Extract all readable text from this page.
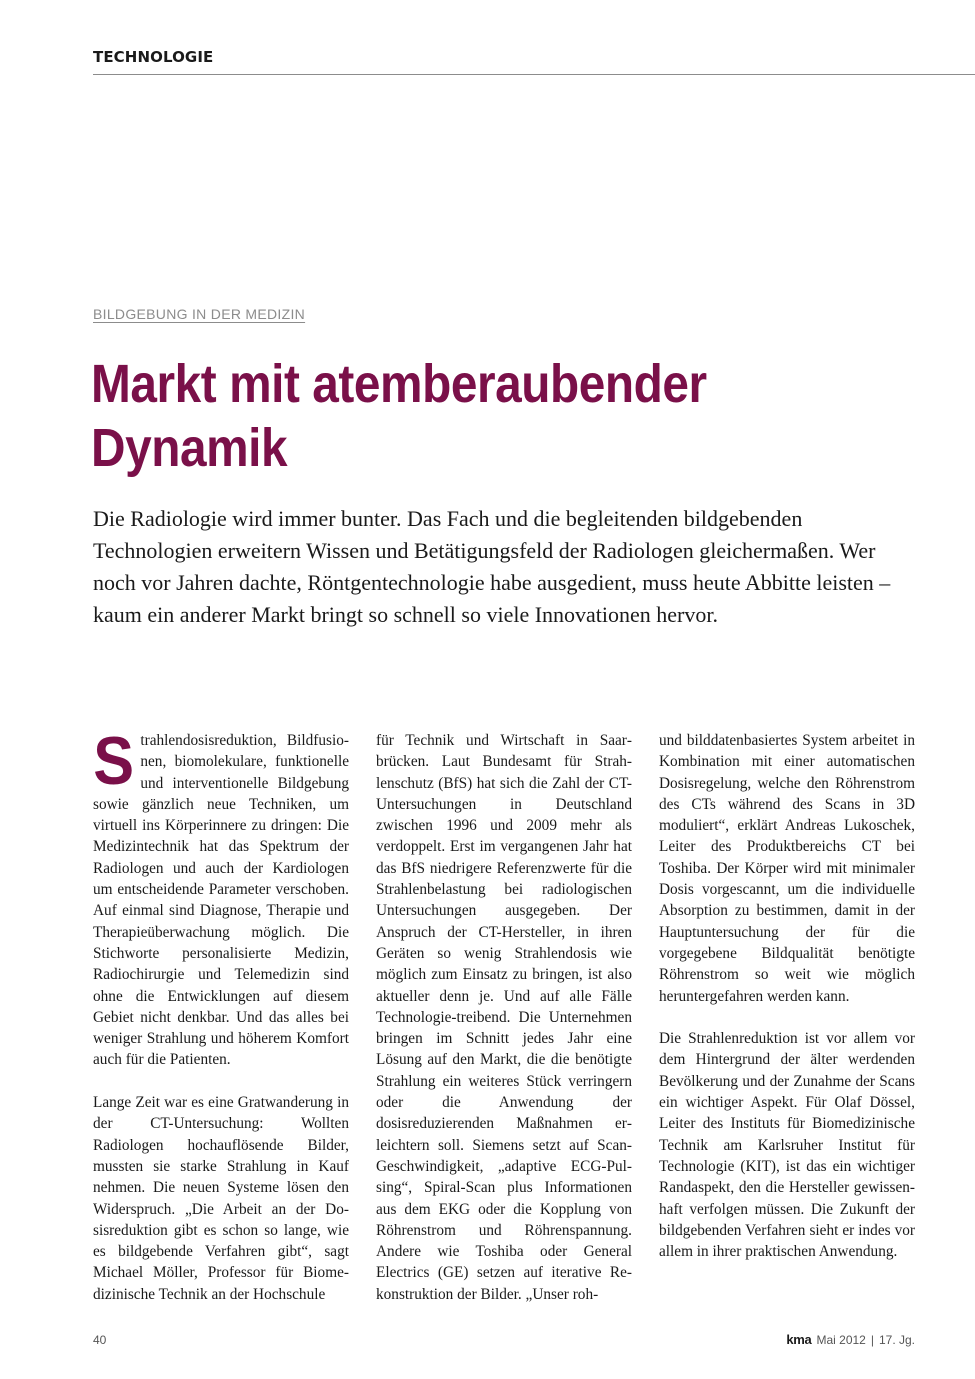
TECHNOLOGIE
BILDGEBUNG IN DER MEDIZIN
Markt mit atemberaubender
Dynamik

Die Radiologie wird immer bunter. Das Fach und die begleitenden bildgebenden Technologien erweitern Wissen und Betätigungsfeld der Radiologen gleichermaßen. Wer noch vor Jahren dachte, Röntgentechnologie habe ausgedient, muss heute Abbitte leisten – kaum ein anderer Markt bringt so schnell so viele Innovationen hervor.

Strahlendosisreduktion, Bildfusionen, biomolekulare, funktionelle und interventionelle Bildgebung sowie gänzlich neue Techniken, um virtuell ins Körperinnere zu dringen: Die Medizintechnik hat das Spektrum der Radiologen und auch der Kardiologen um entscheidende Parameter verschoben. Auf einmal sind Diagnose, Therapie und Therapieüberwachung möglich. Die Stichworte personalisierte Medizin, Radiochirurgie und Telemedizin sind ohne die Entwicklungen auf diesem Gebiet nicht denkbar. Und das alles bei weniger Strahlung und höherem Komfort auch für die Patienten.

Lange Zeit war es eine Gratwanderung in der CT-Untersuchung: Wollten Radiologen hochauflösende Bilder, mussten sie starke Strahlung in Kauf nehmen. Die neuen Systeme lösen den Widerspruch. „Die Arbeit an der Dosisreduktion gibt es schon so lange, wie es bildgebende Verfahren gibt“, sagt Michael Möller, Professor für Biomedizinische Technik an der Hochschule

für Technik und Wirtschaft in Saarbrücken. Laut Bundesamt für Strahlenschutz (BfS) hat sich die Zahl der CT-Untersuchungen in Deutschland zwischen 1996 und 2009 mehr als verdoppelt. Erst im vergangenen Jahr hat das BfS niedrigere Referenzwerte für die Strahlenbelastung bei radiologischen Untersuchungen ausgegeben. Der Anspruch der CT-Hersteller, in ihren Geräten so wenig Strahlendosis wie möglich zum Einsatz zu bringen, ist also aktueller denn je. Und auf alle Fälle Technologie-treibend. Die Unternehmen bringen im Schnitt jedes Jahr eine Lösung auf den Markt, die die benötigte Strahlung ein weiteres Stück verringern oder die Anwendung der dosisreduzierenden Maßnahmen erleichtern soll. Siemens setzt auf Scan-Geschwindigkeit, „adaptive ECG-Pulsing“, Spiral-Scan plus Informationen aus dem EKG oder die Kopplung von Röhrenstrom und Röhrenspannung. Andere wie Toshiba oder General Electrics (GE) setzen auf iterative Rekonstruktion der Bilder. „Unser roh-

und bilddatenbasiertes System arbeitet in Kombination mit einer automatischen Dosisregelung, welche den Röhrenstrom des CTs während des Scans in 3D moduliert“, erklärt Andreas Lukoschek, Leiter des Produktbereichs CT bei Toshiba. Der Körper wird mit minimaler Dosis vorgescannt, um die individuelle Absorption zu bestimmen, damit in der Hauptuntersuchung der für die vorgegebene Bildqualität benötigte Röhrenstrom so weit wie möglich heruntergefahren werden kann.

Die Strahlenreduktion ist vor allem vor dem Hintergrund der älter werdenden Bevölkerung und der Zunahme der Scans ein wichtiger Aspekt. Für Olaf Dössel, Leiter des Instituts für Biomedizinische Technik am Karlsruher Institut für Technologie (KIT), ist das ein wichtiger Randaspekt, den die Hersteller gewissenhaft verfolgen müssen. Die Zukunft der bildgebenden Verfahren sieht er indes vor allem in ihrer praktischen Anwendung.

40	kma Mai 2012 | 17. Jg.
